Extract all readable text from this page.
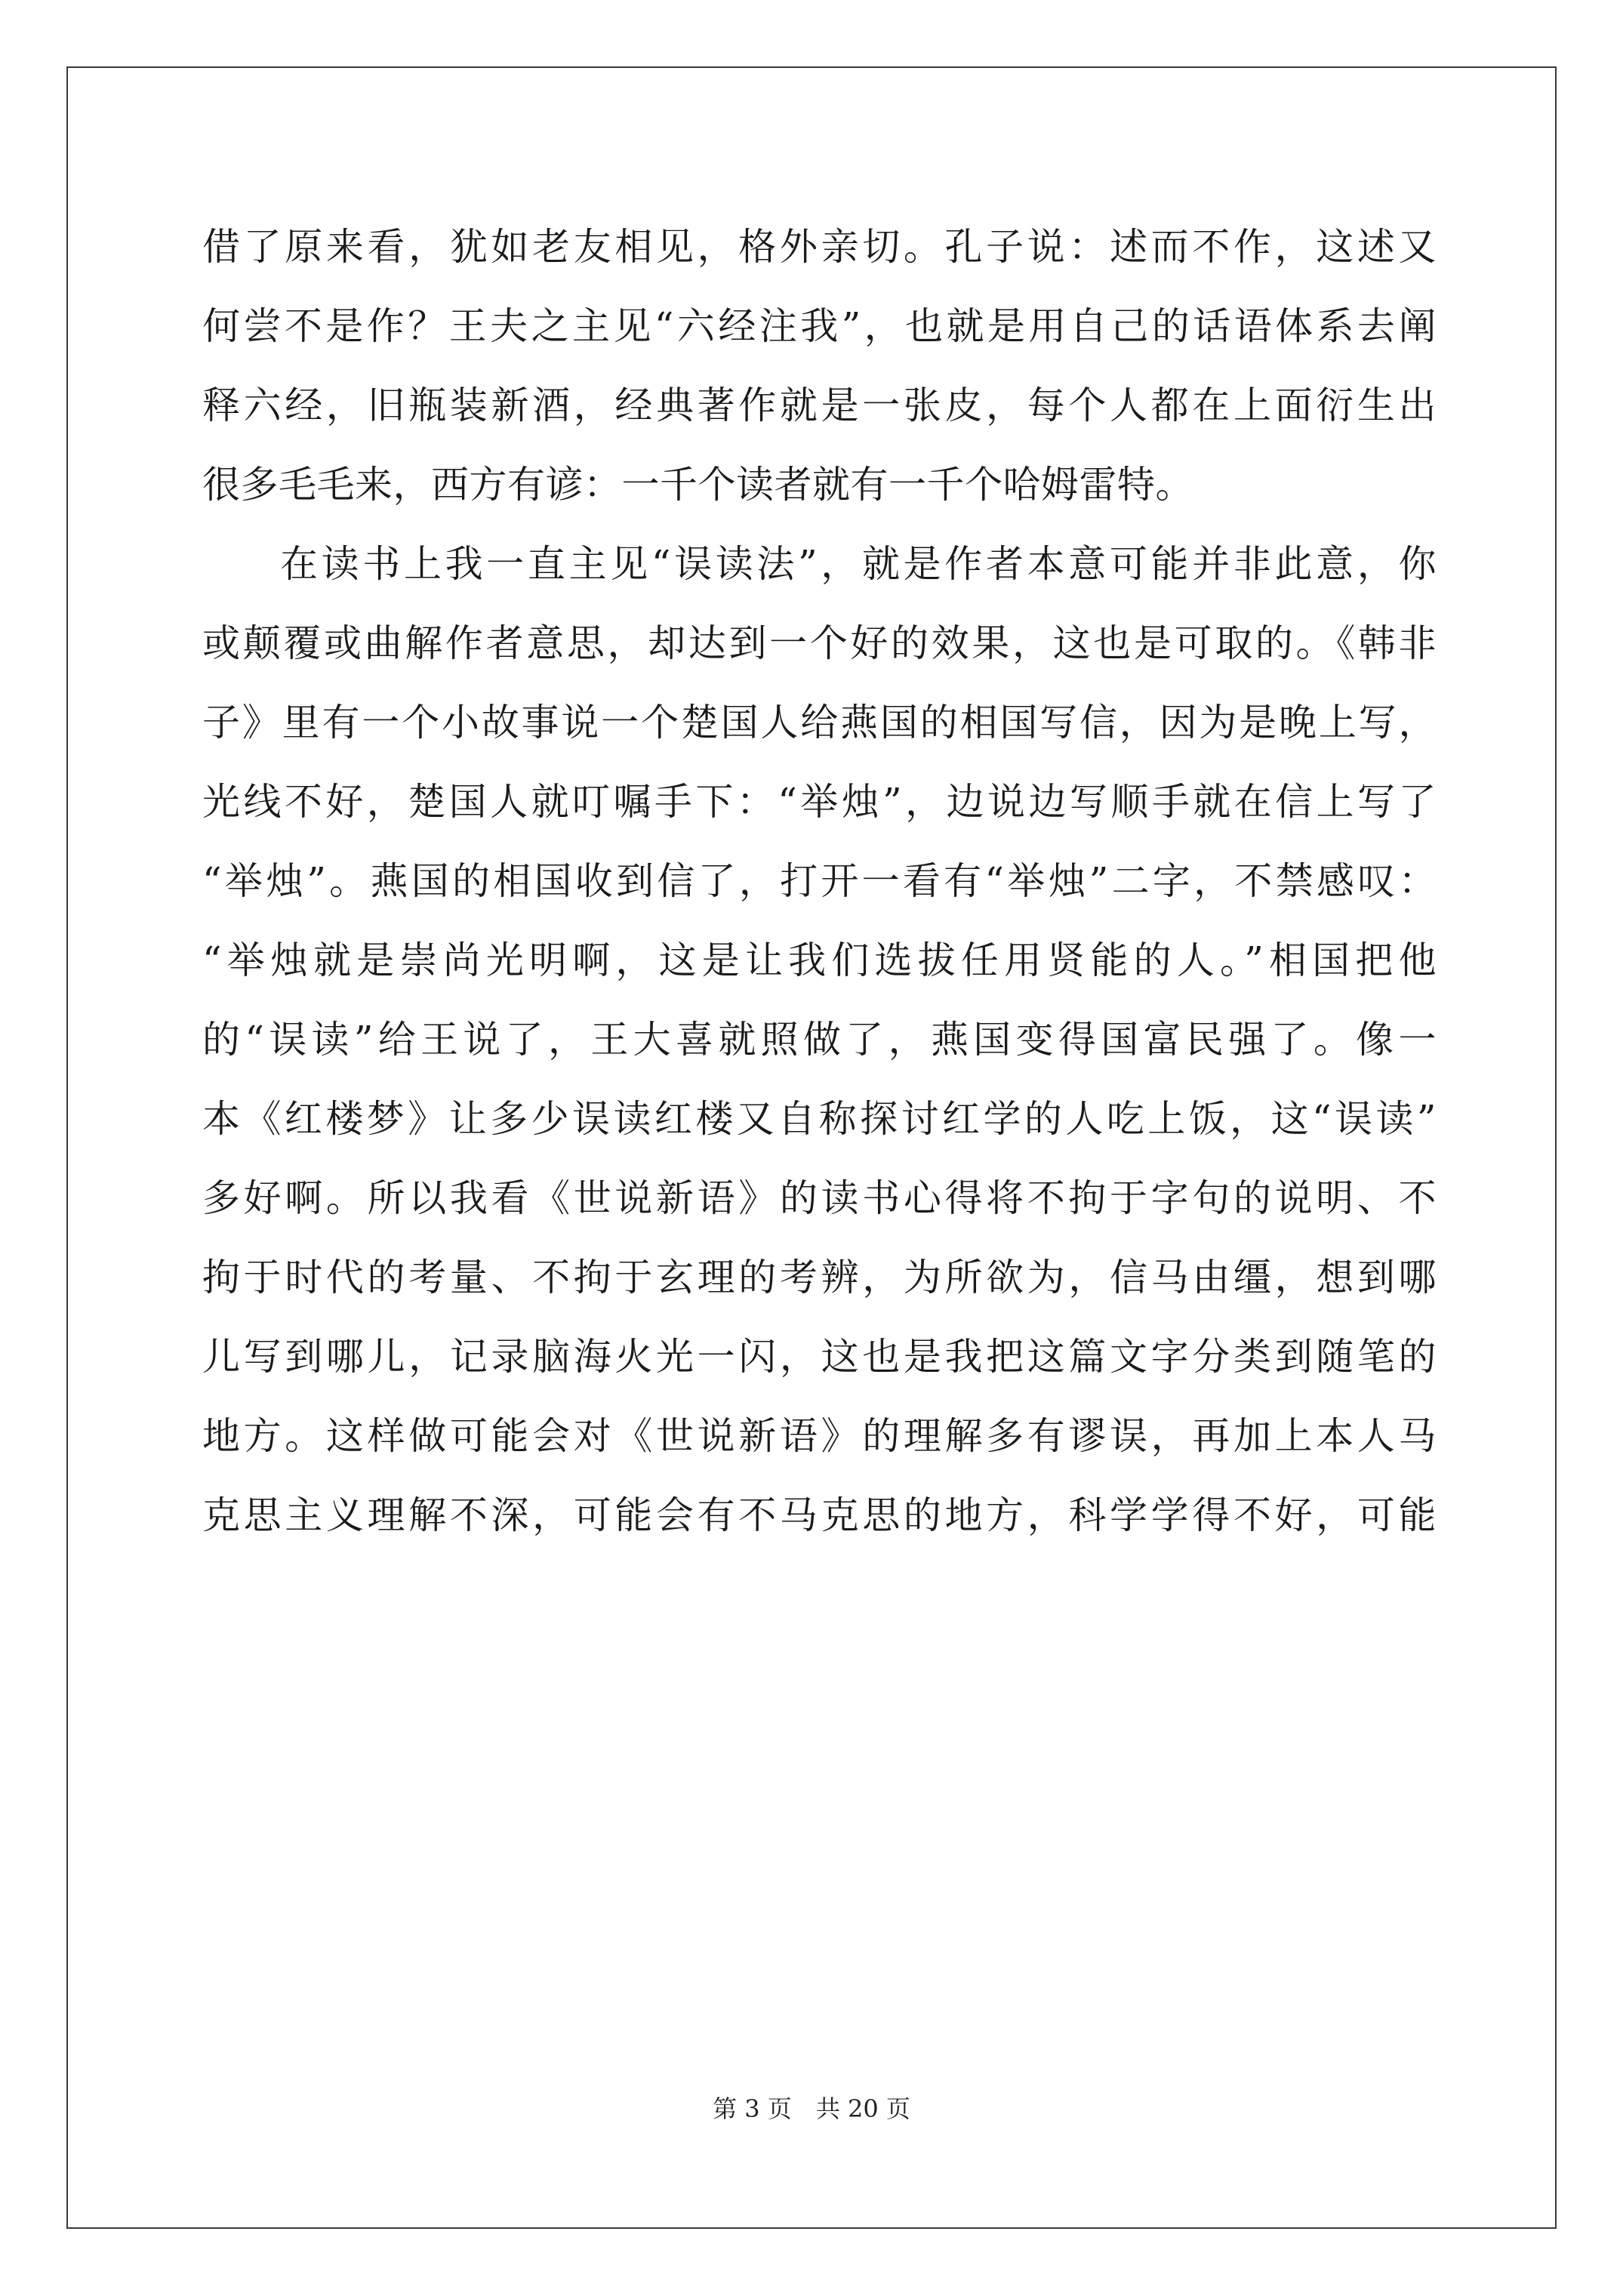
借了原来看，犹如老友相见，格外亲切。孔子说：述而不作，这述又
何尝不是作？王夫之主见“六经注我”，也就是用自己的话语体系去阐
释六经，旧瓶装新酒，经典著作就是一张皮，每个人都在上面衍生出
很多毛毛来，西方有谚：一千个读者就有一千个哈姆雷特。
在读书上我一直主见“误读法”，就是作者本意可能并非此意，你
或颠覆或曲解作者意思，却达到一个好的效果，这也是可取的。《韩非
子》里有一个小故事说一个楚国人给燕国的相国写信，因为是晚上写，
光线不好，楚国人就叮嘱手下：“举烛”，边说边写顺手就在信上写了
“举烛”。燕国的相国收到信了，打开一看有“举烛”二字，不禁感叹：
“举烛就是崇尚光明啊，这是让我们选拔任用贤能的人。”相国把他
的“误读”给王说了，王大喜就照做了，燕国变得国富民强了。像一
本《红楼梦》让多少误读红楼又自称探讨红学的人吃上饭，这“误读”
多好啊。所以我看《世说新语》的读书心得将不拘于字句的说明、不
拘于时代的考量、不拘于玄理的考辨，为所欲为，信马由缰，想到哪
儿写到哪儿，记录脑海火光一闪，这也是我把这篇文字分类到随笔的
地方。这样做可能会对《世说新语》的理解多有谬误，再加上本人马
克思主义理解不深，可能会有不马克思的地方，科学学得不好，可能
第 3 页　共 20 页
